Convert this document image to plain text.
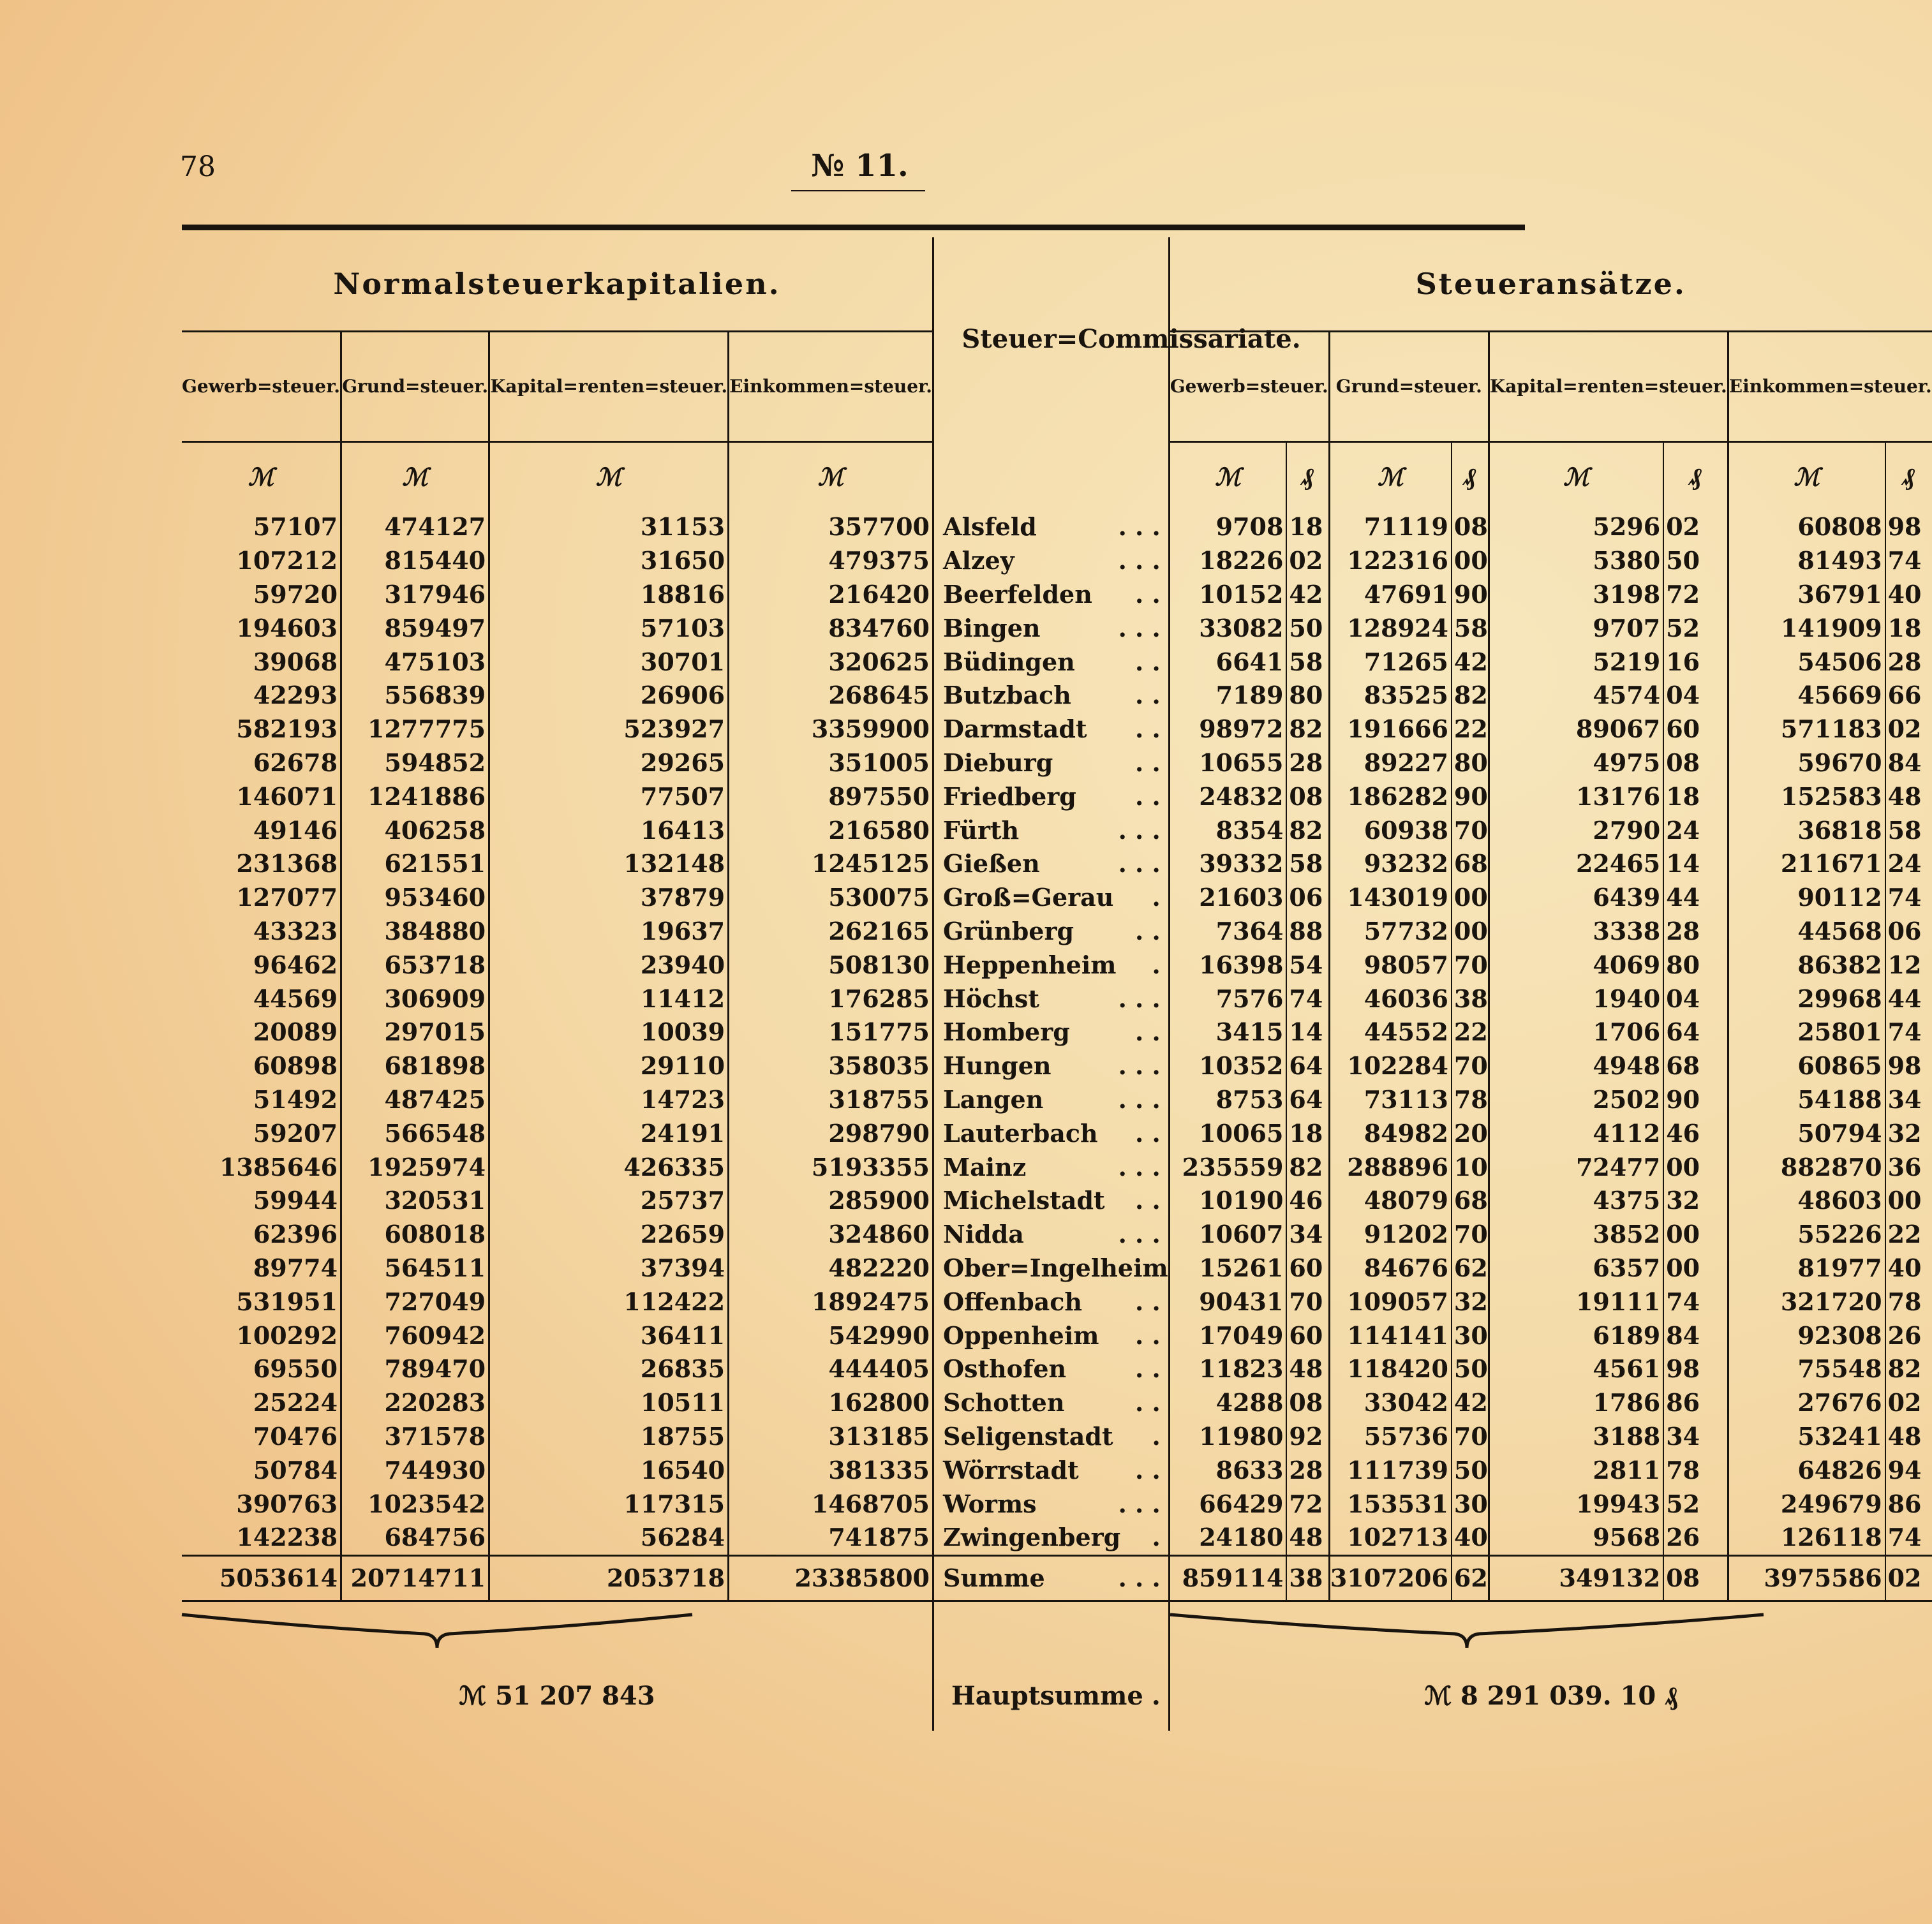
78	№ 11.
Normalsteuerkapitalien.					Steuer=Commissariate.		Steueransätze.							
Gewerb=steuer.	Grund=steuer.	Kapital=renten=steuer.	Einkommen=steuer.			Gewerb=steuer.		Grund=steuer.		Kapital=renten=steuer.		Einkommen=steuer.	
ℳ	ℳ	ℳ	ℳ			ℳ	₰	ℳ	₰	ℳ	₰	ℳ	₰
57107	474127	31153	357700		Alsfeld . . .		9708	18	71119	08	5296	02	60808	98
107212	815440	31650	479375		Alzey . . .		18226	02	122316	00	5380	50	81493	74
59720	317946	18816	216420		Beerfelden . .		10152	42	47691	90	3198	72	36791	40
194603	859497	57103	834760		Bingen . . .		33082	50	128924	58	9707	52	141909	18
39068	475103	30701	320625		Büdingen . .		6641	58	71265	42	5219	16	54506	28
42293	556839	26906	268645		Butzbach . .		7189	80	83525	82	4574	04	45669	66
582193	1277775	523927	3359900		Darmstadt . .		98972	82	191666	22	89067	60	571183	02
62678	594852	29265	351005		Dieburg . .		10655	28	89227	80	4975	08	59670	84
146071	1241886	77507	897550		Friedberg . .		24832	08	186282	90	13176	18	152583	48
49146	406258	16413	216580		Fürth . . .		8354	82	60938	70	2790	24	36818	58
231368	621551	132148	1245125		Gießen . . .		39332	58	93232	68	22465	14	211671	24
127077	953460	37879	530075		Groß=Gerau .		21603	06	143019	00	6439	44	90112	74
43323	384880	19637	262165		Grünberg . .		7364	88	57732	00	3338	28	44568	06
96462	653718	23940	508130		Heppenheim .		16398	54	98057	70	4069	80	86382	12
44569	306909	11412	176285		Höchst . . .		7576	74	46036	38	1940	04	29968	44
20089	297015	10039	151775		Homberg . .		3415	14	44552	22	1706	64	25801	74
60898	681898	29110	358035		Hungen . . .		10352	64	102284	70	4948	68	60865	98
51492	487425	14723	318755		Langen . . .		8753	64	73113	78	2502	90	54188	34
59207	566548	24191	298790		Lauterbach . .		10065	18	84982	20	4112	46	50794	32
1385646	1925974	426335	5193355		Mainz . . .		235559	82	288896	10	72477	00	882870	36
59944	320531	25737	285900		Michelstadt . .		10190	46	48079	68	4375	32	48603	00
62396	608018	22659	324860		Nidda . . .		10607	34	91202	70	3852	00	55226	22
89774	564511	37394	482220		Ober=Ingelheim		15261	60	84676	62	6357	00	81977	40
531951	727049	112422	1892475		Offenbach . .		90431	70	109057	32	19111	74	321720	78
100292	760942	36411	542990		Oppenheim . .		17049	60	114141	30	6189	84	92308	26
69550	789470	26835	444405		Osthofen . .		11823	48	118420	50	4561	98	75548	82
25224	220283	10511	162800		Schotten . .		4288	08	33042	42	1786	86	27676	02
70476	371578	18755	313185		Seligenstadt .		11980	92	55736	70	3188	34	53241	48
50784	744930	16540	381335		Wörrstadt . .		8633	28	111739	50	2811	78	64826	94
390763	1023542	117315	1468705		Worms . . .		66429	72	153531	30	19943	52	249679	86
142238	684756	56284	741875		Zwingenberg .		24180	48	102713	40	9568	26	126118	74
5053614	20714711	2053718	23385800		Summe . . .		859114	38	3107206	62	349132	08	3975586	02

ℳ 51 207 843					Hauptsumme .		ℳ 8 291 039. 10 ₰							
